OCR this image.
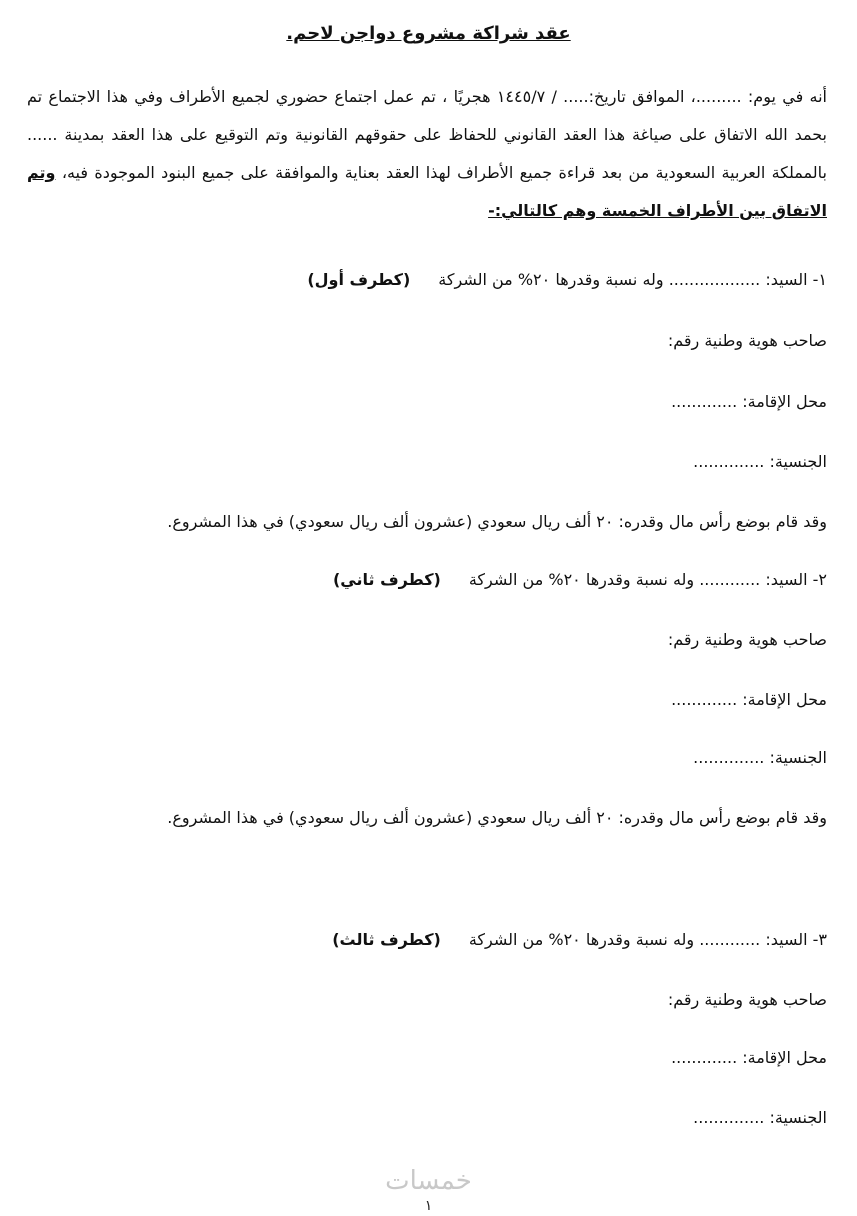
عقد شراكة مشروع دواجن لاحم.
أنه في يوم: .........، الموافق تاريخ:..... / ١٤٤٥/٧ هجريًا ، تم عمل اجتماع حضوري لجميع الأطراف وفي هذا الاجتماع تم بحمد الله الاتفاق على صياغة هذا العقد القانوني للحفاظ على حقوقهم القانونية وتم التوقيع على هذا العقد بمدينة ...... بالمملكة العربية السعودية من بعد قراءة جميع الأطراف لهذا العقد بعناية والموافقة على جميع البنود الموجودة فيه، وتم الاتفاق بين الأطراف الخمسة وهم كالتالي:-
١- السيد: .................. وله نسبة وقدرها ٢٠% من الشركة(كطرف أول)
صاحب هوية وطنية رقم:
محل الإقامة: .............
الجنسية: ..............
وقد قام بوضع رأس مال وقدره: ٢٠ ألف ريال سعودي (عشرون ألف ريال سعودي) في هذا المشروع.
٢- السيد: ............ وله نسبة وقدرها ٢٠% من الشركة(كطرف ثاني)
صاحب هوية وطنية رقم:
محل الإقامة: .............
الجنسية: ..............
وقد قام بوضع رأس مال وقدره: ٢٠ ألف ريال سعودي (عشرون ألف ريال سعودي) في هذا المشروع.
٣- السيد: ............ وله نسبة وقدرها ٢٠% من الشركة(كطرف ثالث)
صاحب هوية وطنية رقم:
محل الإقامة: .............
الجنسية: ..............
خمسات
١
